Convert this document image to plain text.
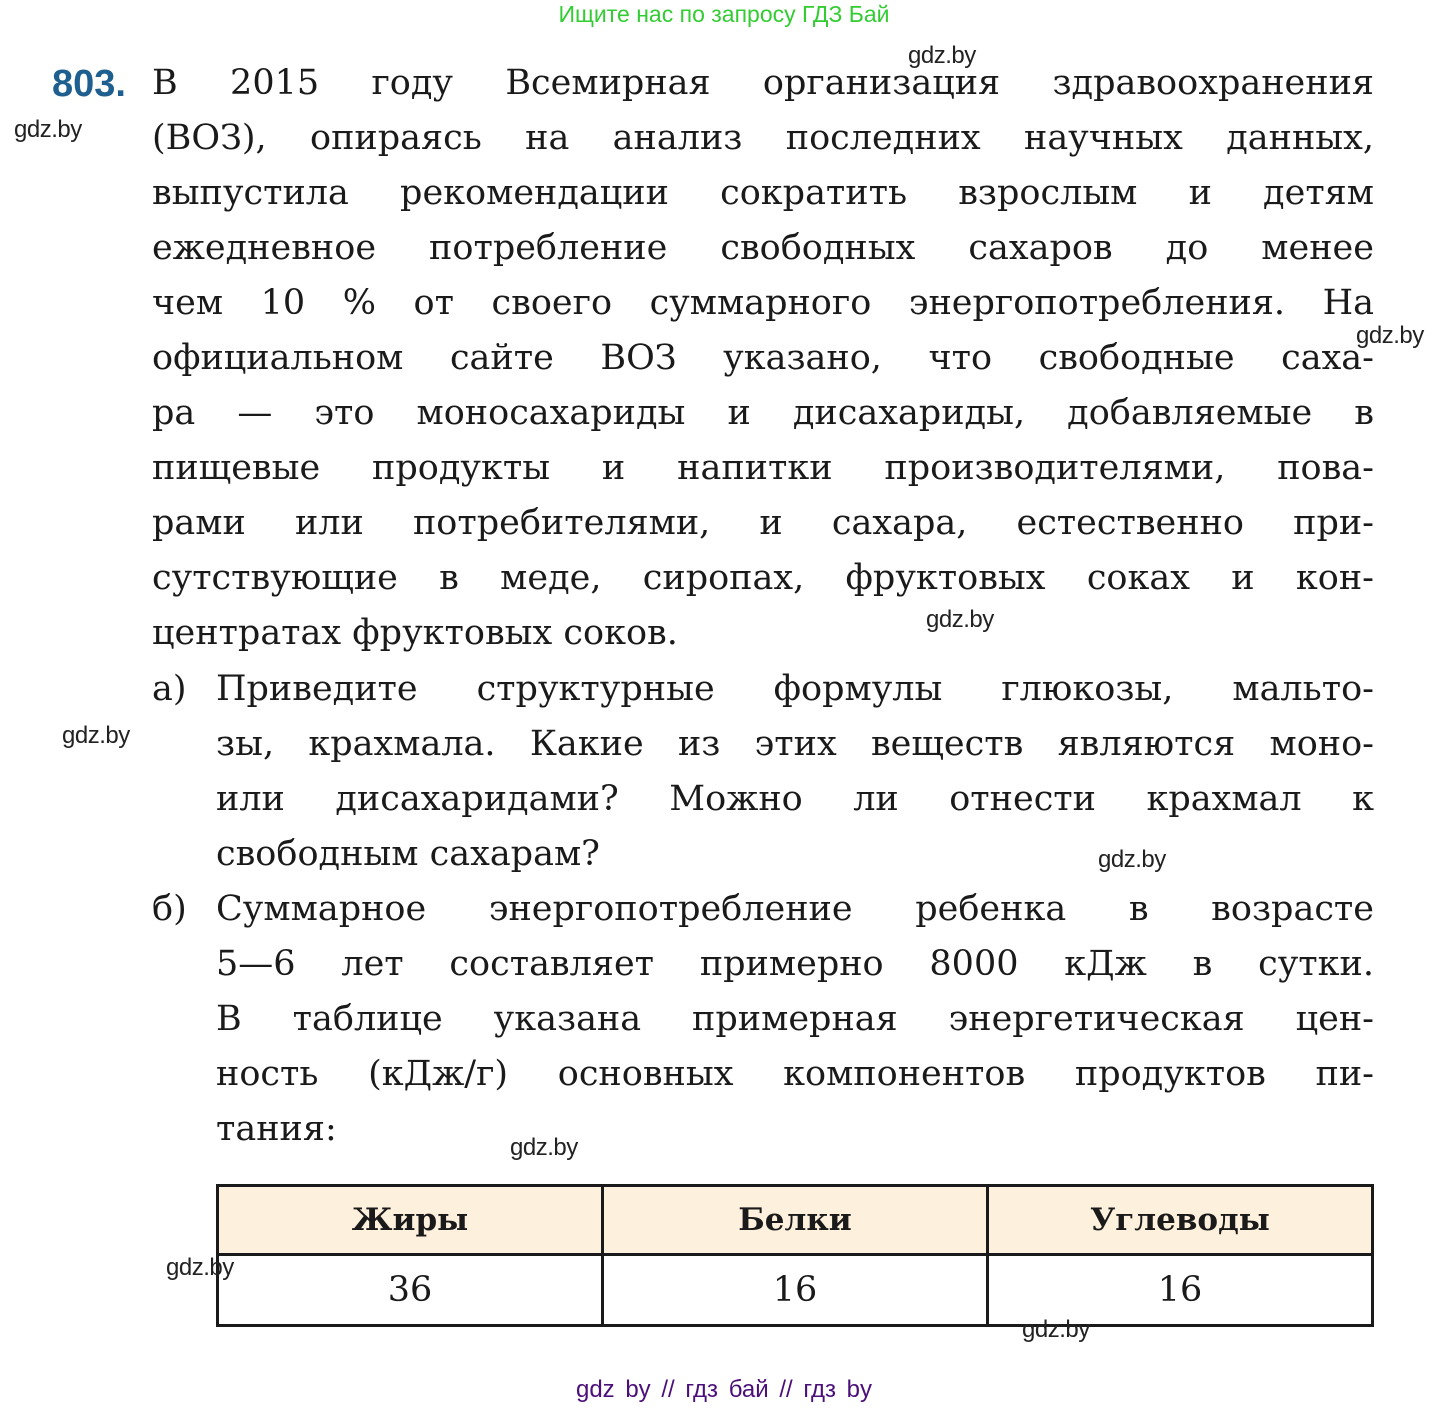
Ищите нас по запросу ГДЗ Бай
803. В 2015 году Всемирная организация здравоохранения
(ВОЗ), опираясь на анализ последних научных данных,
выпустила рекомендации сократить взрослым и детям
ежедневное потребление свободных сахаров до менее
чем 10 % от своего суммарного энергопотребления. На
официальном сайте ВОЗ указано, что свободные саха-
ра — это моносахариды и дисахариды, добавляемые в
пищевые продукты и напитки производителями, пова-
рами или потребителями, и сахара, естественно при-
сутствующие в меде, сиропах, фруктовых соках и кон-
центратах фруктовых соков.
а) Приведите структурные формулы глюкозы, мальто-
зы, крахмала. Какие из этих веществ являются моно-
или дисахаридами? Можно ли отнести крахмал к
свободным сахарам?
б) Суммарное энергопотребление ребенка в возрасте
5—6 лет составляет примерно 8000 кДж в сутки.
В таблице указана примерная энергетическая цен-
ность (кДж/г) основных компонентов продуктов пи-
тания:
Жиры	Белки	Углеводы
36	16	16
gdz.by
gdz.by
gdz.by
gdz.by
gdz.by
gdz.by
gdz.by
gdz.by
gdz.by
gdz by // гдз бай // гдз by
